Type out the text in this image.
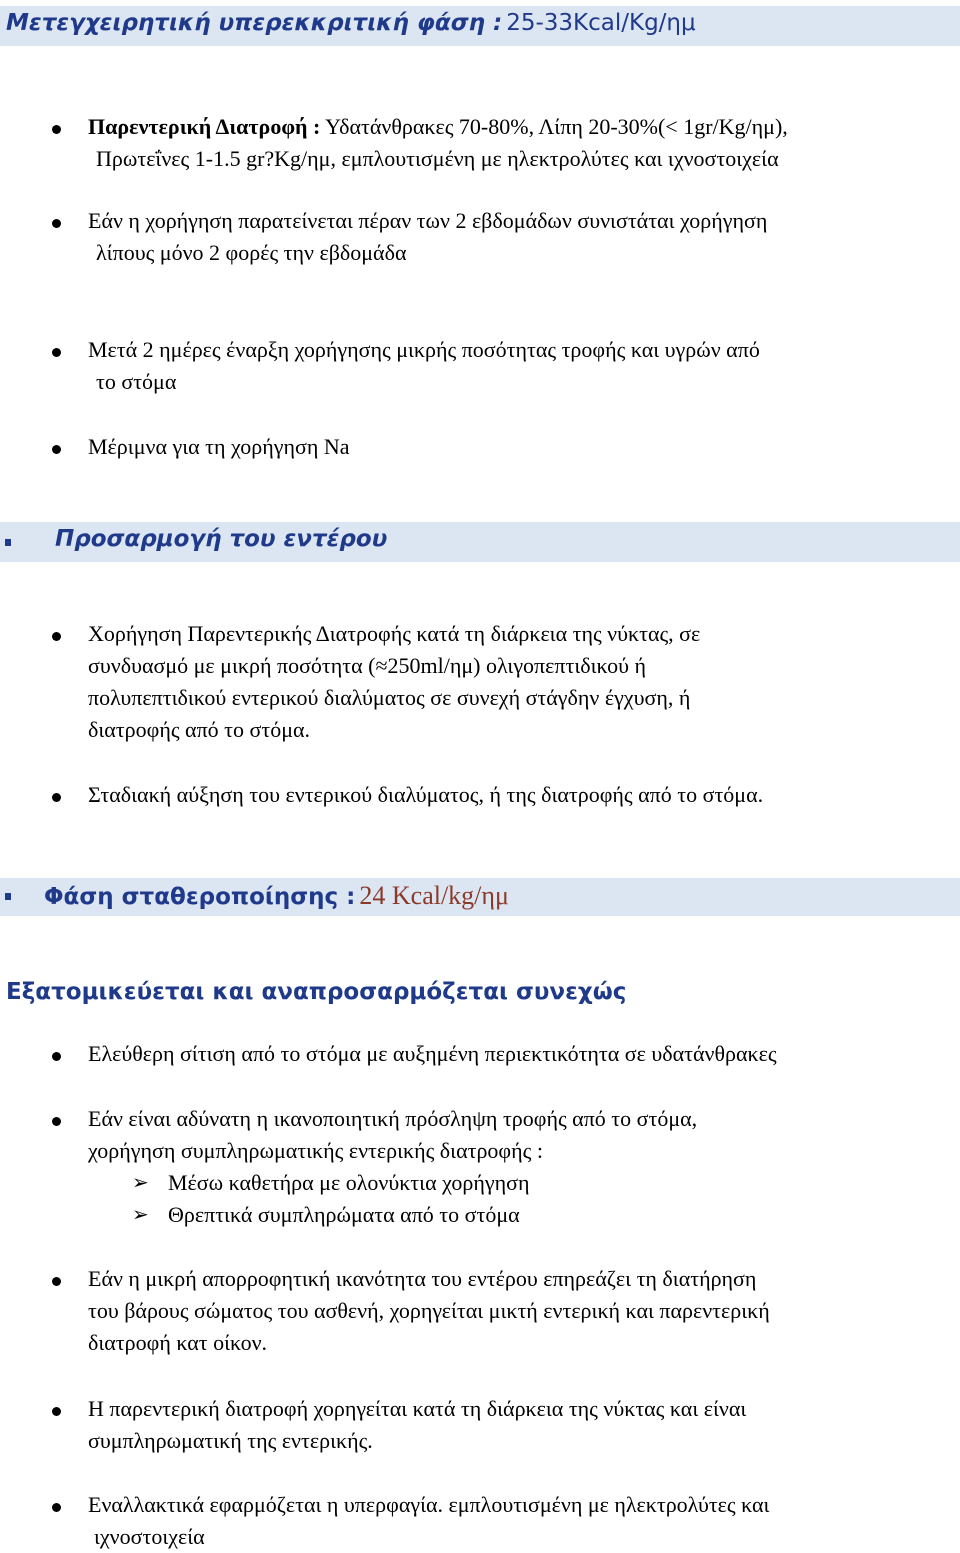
Μετεγχειρητική υπερεκκριτική φάση : 25-33Kcal/Kg/ημ
Παρεντερική Διατροφή : Υδατάνθρακες 70-80%, Λίπη 20-30%(< 1gr/Kg/ημ),
Πρωτεΐνες 1-1.5 gr?Kg/ημ, εμπλουτισμένη με ηλεκτρολύτες και ιχνοστοιχεία
Εάν η χορήγηση παρατείνεται πέραν των 2 εβδομάδων συνιστάται χορήγηση
λίπους μόνο 2 φορές την εβδομάδα
Μετά 2 ημέρες έναρξη χορήγησης μικρής ποσότητας τροφής και υγρών από
το στόμα
Μέριμνα για τη χορήγηση Na
Προσαρμογή του εντέρου
Χορήγηση Παρεντερικής Διατροφής κατά τη διάρκεια της νύκτας, σε
συνδυασμό με μικρή ποσότητα (≈250ml/ημ) ολιγοπεπτιδικού ή
πολυπεπτιδικού εντερικού διαλύματος σε συνεχή στάγδην έγχυση, ή
διατροφής από το στόμα.
Σταδιακή αύξηση του εντερικού διαλύματος, ή της διατροφής από το στόμα.
Φάση σταθεροποίησης : 24 Kcal/kg/ημ
Εξατομικεύεται και αναπροσαρμόζεται συνεχώς
Ελεύθερη σίτιση από το στόμα με αυξημένη περιεκτικότητα σε υδατάνθρακες
Εάν είναι αδύνατη η ικανοποιητική πρόσληψη τροφής από το στόμα,
χορήγηση συμπληρωματικής εντερικής διατροφής :
➢ Μέσω καθετήρα με ολονύκτια χορήγηση
➢ Θρεπτικά συμπληρώματα από το στόμα
Εάν η μικρή απορροφητική ικανότητα του εντέρου επηρεάζει τη διατήρηση
του βάρους σώματος του ασθενή, χορηγείται μικτή εντερική και παρεντερική
διατροφή κατ οίκον.
Η παρεντερική διατροφή χορηγείται κατά τη διάρκεια της νύκτας και είναι
συμπληρωματική της εντερικής.
Εναλλακτικά εφαρμόζεται η υπερφαγία. εμπλουτισμένη με ηλεκτρολύτες και
ιχνοστοιχεία
